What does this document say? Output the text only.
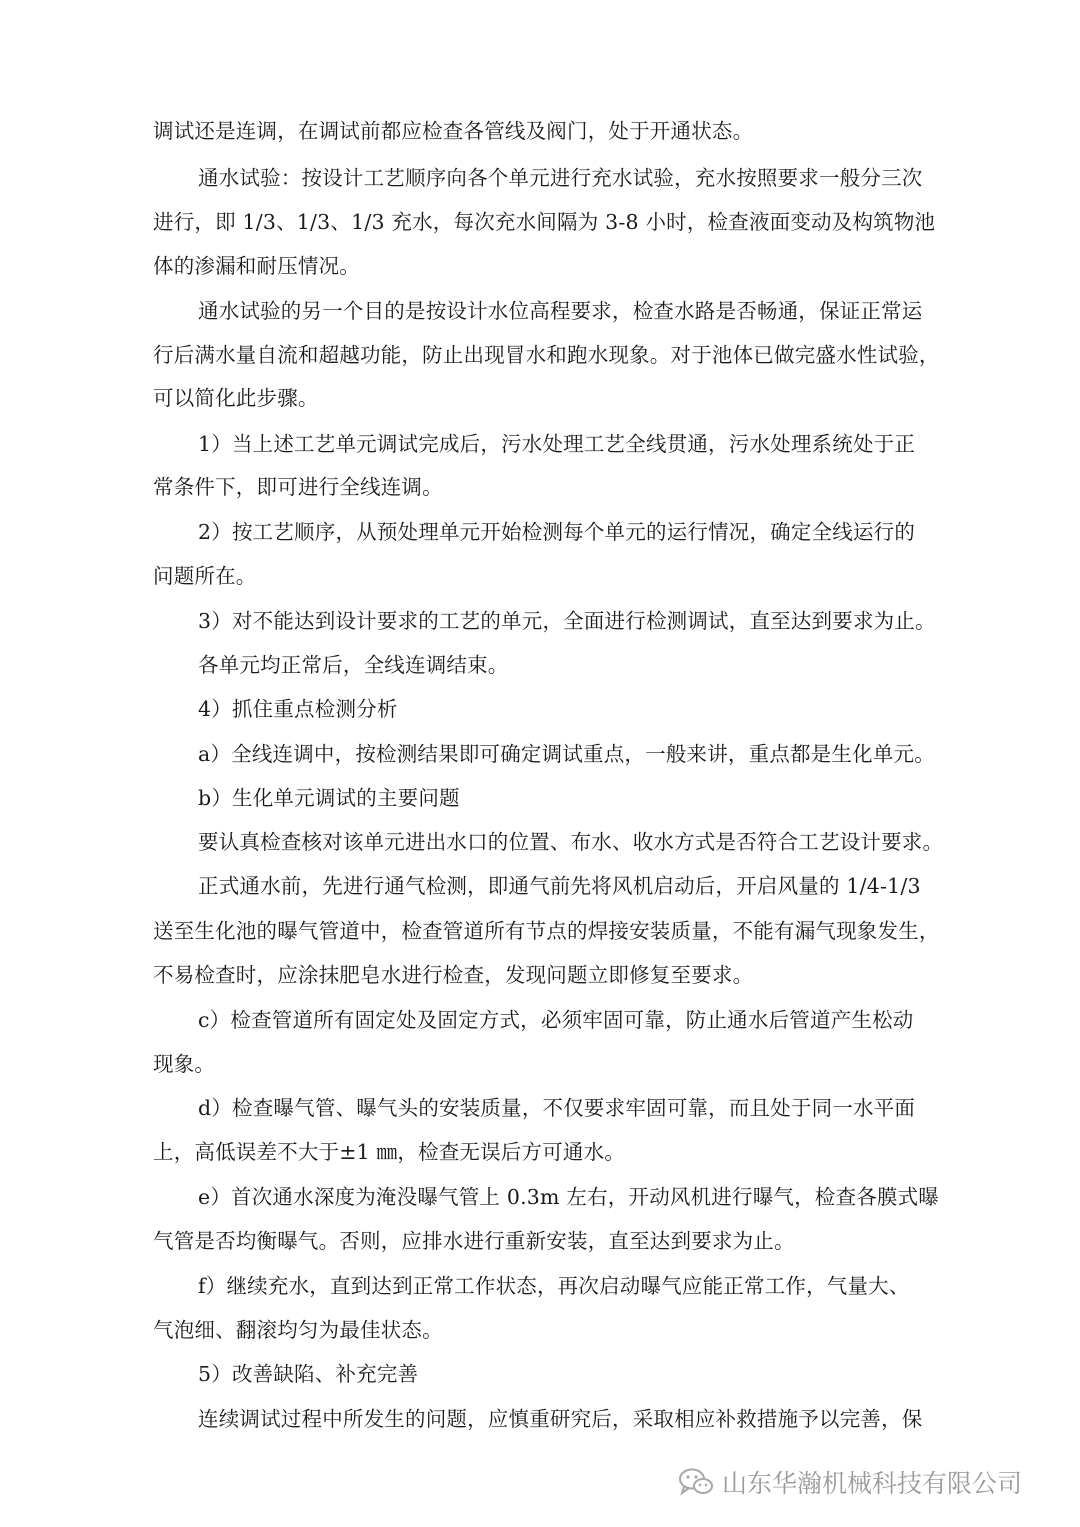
调试还是连调，在调试前都应检查各管线及阀门，处于开通状态。
通水试验：按设计工艺顺序向各个单元进行充水试验，充水按照要求一般分三次
进行，即 1/3、1/3、1/3 充水，每次充水间隔为 3-8 小时，检查液面变动及构筑物池
体的渗漏和耐压情况。
通水试验的另一个目的是按设计水位高程要求，检查水路是否畅通，保证正常运
行后满水量自流和超越功能，防止出现冒水和跑水现象。对于池体已做完盛水性试验，
可以简化此步骤。
1）当上述工艺单元调试完成后，污水处理工艺全线贯通，污水处理系统处于正
常条件下，即可进行全线连调。
2）按工艺顺序，从预处理单元开始检测每个单元的运行情况，确定全线运行的
问题所在。
3）对不能达到设计要求的工艺的单元，全面进行检测调试，直至达到要求为止。
各单元均正常后，全线连调结束。
4）抓住重点检测分析
a）全线连调中，按检测结果即可确定调试重点，一般来讲，重点都是生化单元。
b）生化单元调试的主要问题
要认真检查核对该单元进出水口的位置、布水、收水方式是否符合工艺设计要求。
正式通水前，先进行通气检测，即通气前先将风机启动后，开启风量的 1/4-1/3
送至生化池的曝气管道中，检查管道所有节点的焊接安装质量，不能有漏气现象发生，
不易检查时，应涂抹肥皂水进行检查，发现问题立即修复至要求。
c）检查管道所有固定处及固定方式，必须牢固可靠，防止通水后管道产生松动
现象。
d）检查曝气管、曝气头的安装质量，不仅要求牢固可靠，而且处于同一水平面
上，高低误差不大于±1 ㎜，检查无误后方可通水。
e）首次通水深度为淹没曝气管上 0.3m 左右，开动风机进行曝气，检查各膜式曝
气管是否均衡曝气。否则，应排水进行重新安装，直至达到要求为止。
f）继续充水，直到达到正常工作状态，再次启动曝气应能正常工作，气量大、
气泡细、翻滚均匀为最佳状态。
5）改善缺陷、补充完善
连续调试过程中所发生的问题，应慎重研究后，采取相应补救措施予以完善，保
山东华瀚机械科技有限公司
